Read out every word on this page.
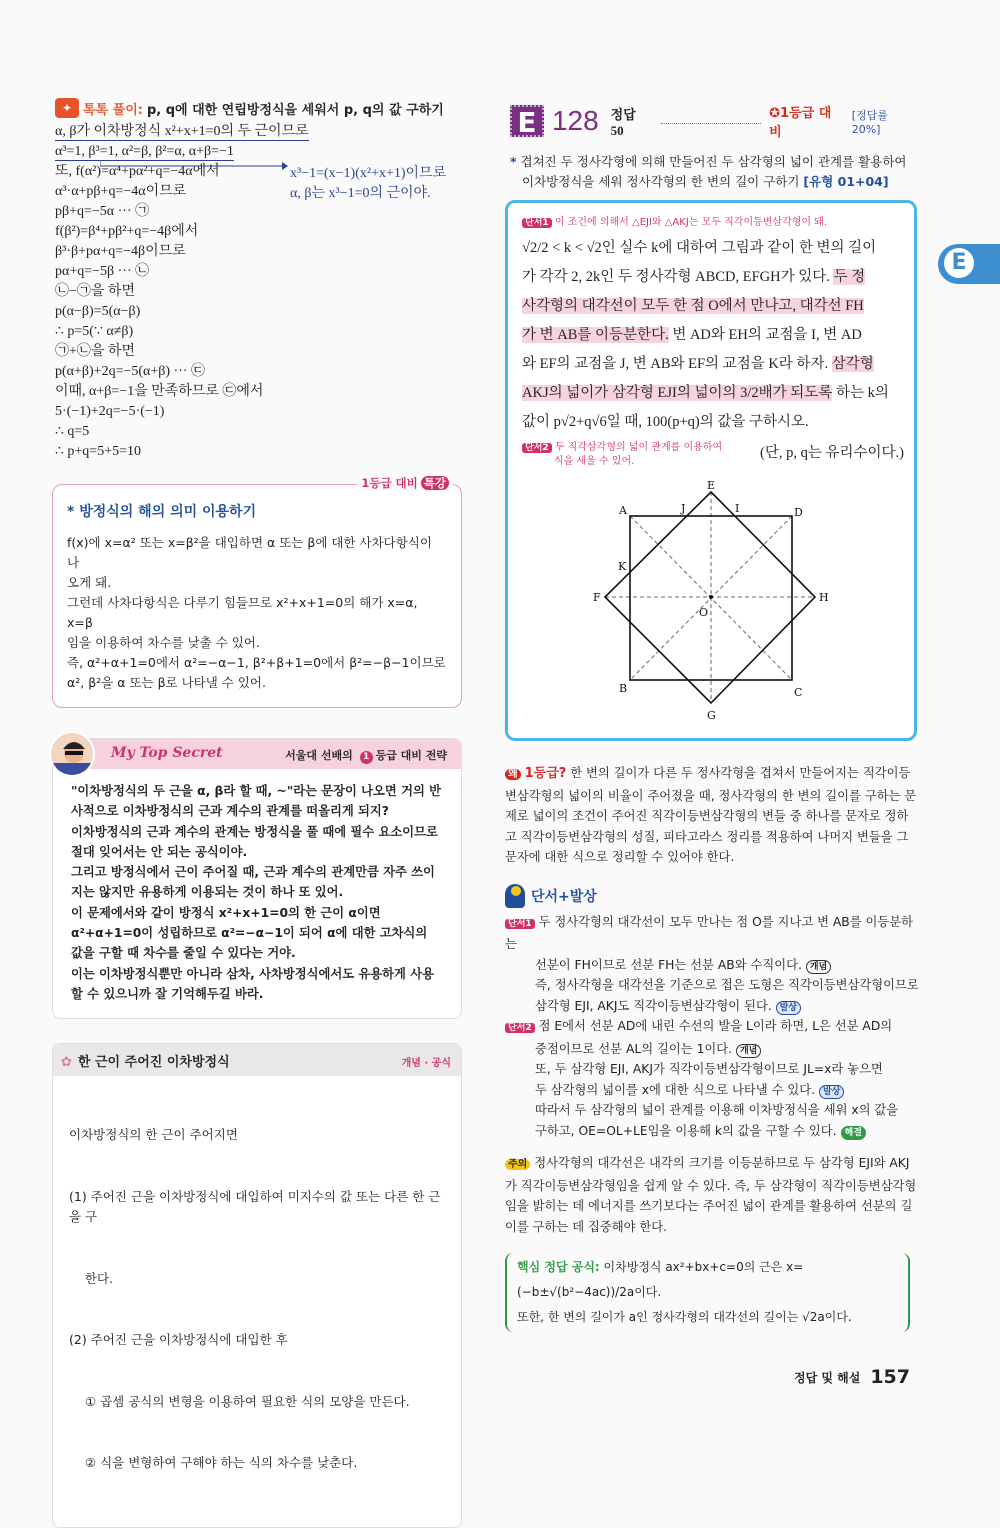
✦ 톡톡 풀이: p, q에 대한 연립방정식을 세워서 p, q의 값 구하기
α, β가 이차방정식 x²+x+1=0의 두 근이므로
α³=1, β³=1, α²=β, β²=α, α+β=−1
또, f(α²)=α⁴+pα²+q=−4α에서
α³·α+pβ+q=−4α이므로
pβ+q=−5α ··· ㉠
f(β²)=β⁴+pβ²+q=−4β에서
β³·β+pα+q=−4β이므로
pα+q=−5β ··· ㉡
㉡−㉠을 하면
p(α−β)=5(α−β)
∴ p=5(∵ α≠β)
㉠+㉡을 하면
p(α+β)+2q=−5(α+β) ··· ㉢
이때, α+β=−1을 만족하므로 ㉢에서
5·(−1)+2q=−5·(−1)
∴ q=5
∴ p+q=5+5=10
x³−1=(x−1)(x²+x+1)이므로
α, β는 x³−1=0의 근이야.
1등급 대비 특강
* 방정식의 해의 의미 이용하기
f(x)에 x=α² 또는 x=β²을 대입하면 α 또는 β에 대한 사차다항식이 나
오게 돼.
그런데 사차다항식은 다루기 힘들므로 x²+x+1=0의 해가 x=α, x=β
임을 이용하여 차수를 낮출 수 있어.
즉, α²+α+1=0에서 α²=−α−1, β²+β+1=0에서 β²=−β−1이므로
α², β²을 α 또는 β로 나타낼 수 있어.
My Top Secret	서울대 선배의 1 등급 대비 전략
"이차방정식의 두 근을 α, β라 할 때, ~"라는 문장이 나오면 거의 반
사적으로 이차방정식의 근과 계수의 관계를 떠올리게 되지?
이차방정식의 근과 계수의 관계는 방정식을 풀 때에 필수 요소이므로
절대 잊어서는 안 되는 공식이야.
그리고 방정식에서 근이 주어질 때, 근과 계수의 관계만큼 자주 쓰이
지는 않지만 유용하게 이용되는 것이 하나 또 있어.
이 문제에서와 같이 방정식 x²+x+1=0의 한 근이 α이면
α²+α+1=0이 성립하므로 α²=−α−1이 되어 α에 대한 고차식의
값을 구할 때 차수를 줄일 수 있다는 거야.
이는 이차방정식뿐만 아니라 삼차, 사차방정식에서도 유용하게 사용
할 수 있으니까 잘 기억해두길 바라.
✿ 한 근이 주어진 이차방정식	개념 · 공식

이차방정식의 한 근이 주어지면

(1) 주어진 근을 이차방정식에 대입하여 미지수의 값 또는 다른 한 근을 구

한다.

(2) 주어진 근을 이차방정식에 대입한 후

① 곱셈 공식의 변형을 이용하여 필요한 식의 모양을 만든다.

② 식을 변형하여 구해야 하는 식의 차수를 낮춘다.

E 128 정답 50
✪1등급 대비
[정답률 20%]
* 겹쳐진 두 정사각형에 의해 만들어진 두 삼각형의 넓이 관계를 활용하여
이차방정식을 세워 정사각형의 한 변의 길이 구하기 [유형 01+04]
단서1 이 조건에 의해서 △EJI와 △AKJ는 모두 직각이등변삼각형이 돼.
√2/2 < k < √2인 실수 k에 대하여 그림과 같이 한 변의 길이
가 각각 2, 2k인 두 정사각형 ABCD, EFGH가 있다. 두 정
사각형의 대각선이 모두 한 점 O에서 만나고, 대각선 FH
가 변 AB를 이등분한다. 변 AD와 EH의 교점을 I, 변 AD
와 EF의 교점을 J, 변 AB와 EF의 교점을 K라 하자. 삼각형
AKJ의 넓이가 삼각형 EJI의 넓이의 3/2배가 되도록 하는 k의
값이 p√2+q√6일 때, 100(p+q)의 값을 구하시오.
단서2 두 직각삼각형의 넓이 관계를 이용하여
식을 세울 수 있어.
(단, p, q는 유리수이다.)
A
B	C
D
E
F
G
H
I
J
K
O
왜 1등급? 한 변의 길이가 다른 두 정사각형을 겹쳐서 만들어지는 직각이등변삼각형의 넓이의 비율이 주어졌을 때, 정사각형의 한 변의 길이를 구하는 문제로 넓이의 조건이 주어진 직각이등변삼각형의 변들 중 하나를 문자로 정하고 직각이등변삼각형의 성질, 피타고라스 정리를 적용하여 나머지 변들을 그 문자에 대한 식으로 정리할 수 있어야 한다.
단서+발상
단서1 두 정사각형의 대각선이 모두 만나는 점 O를 지나고 변 AB를 이등분하는
선분이 FH이므로 선분 FH는 선분 AB와 수직이다. 개념
즉, 정사각형을 대각선을 기준으로 접은 도형은 직각이등변삼각형이므로
삼각형 EJI, AKJ도 직각이등변삼각형이 된다. 발상
단서2 점 E에서 선분 AD에 내린 수선의 발을 L이라 하면, L은 선분 AD의
중점이므로 선분 AL의 길이는 1이다. 개념
또, 두 삼각형 EJI, AKJ가 직각이등변삼각형이므로 JL=x라 놓으면
두 삼각형의 넓이를 x에 대한 식으로 나타낼 수 있다. 발상
따라서 두 삼각형의 넓이 관계를 이용해 이차방정식을 세워 x의 값을
구하고, OE=OL+LE임을 이용해 k의 값을 구할 수 있다. 해결
주의 정사각형의 대각선은 내각의 크기를 이등분하므로 두 삼각형 EJI와 AKJ가 직각이등변삼각형임을 쉽게 알 수 있다. 즉, 두 삼각형이 직각이등변삼각형임을 밝히는 데 에너지를 쓰기보다는 주어진 넓이 관계를 활용하여 선분의 길이를 구하는 데 집중해야 한다.
핵심 정답 공식: 이차방정식 ax²+bx+c=0의 근은 x=(−b±√(b²−4ac))/2a이다.
또한, 한 변의 길이가 a인 정사각형의 대각선의 길이는 √2a이다.
정답 및 해설 157
E
